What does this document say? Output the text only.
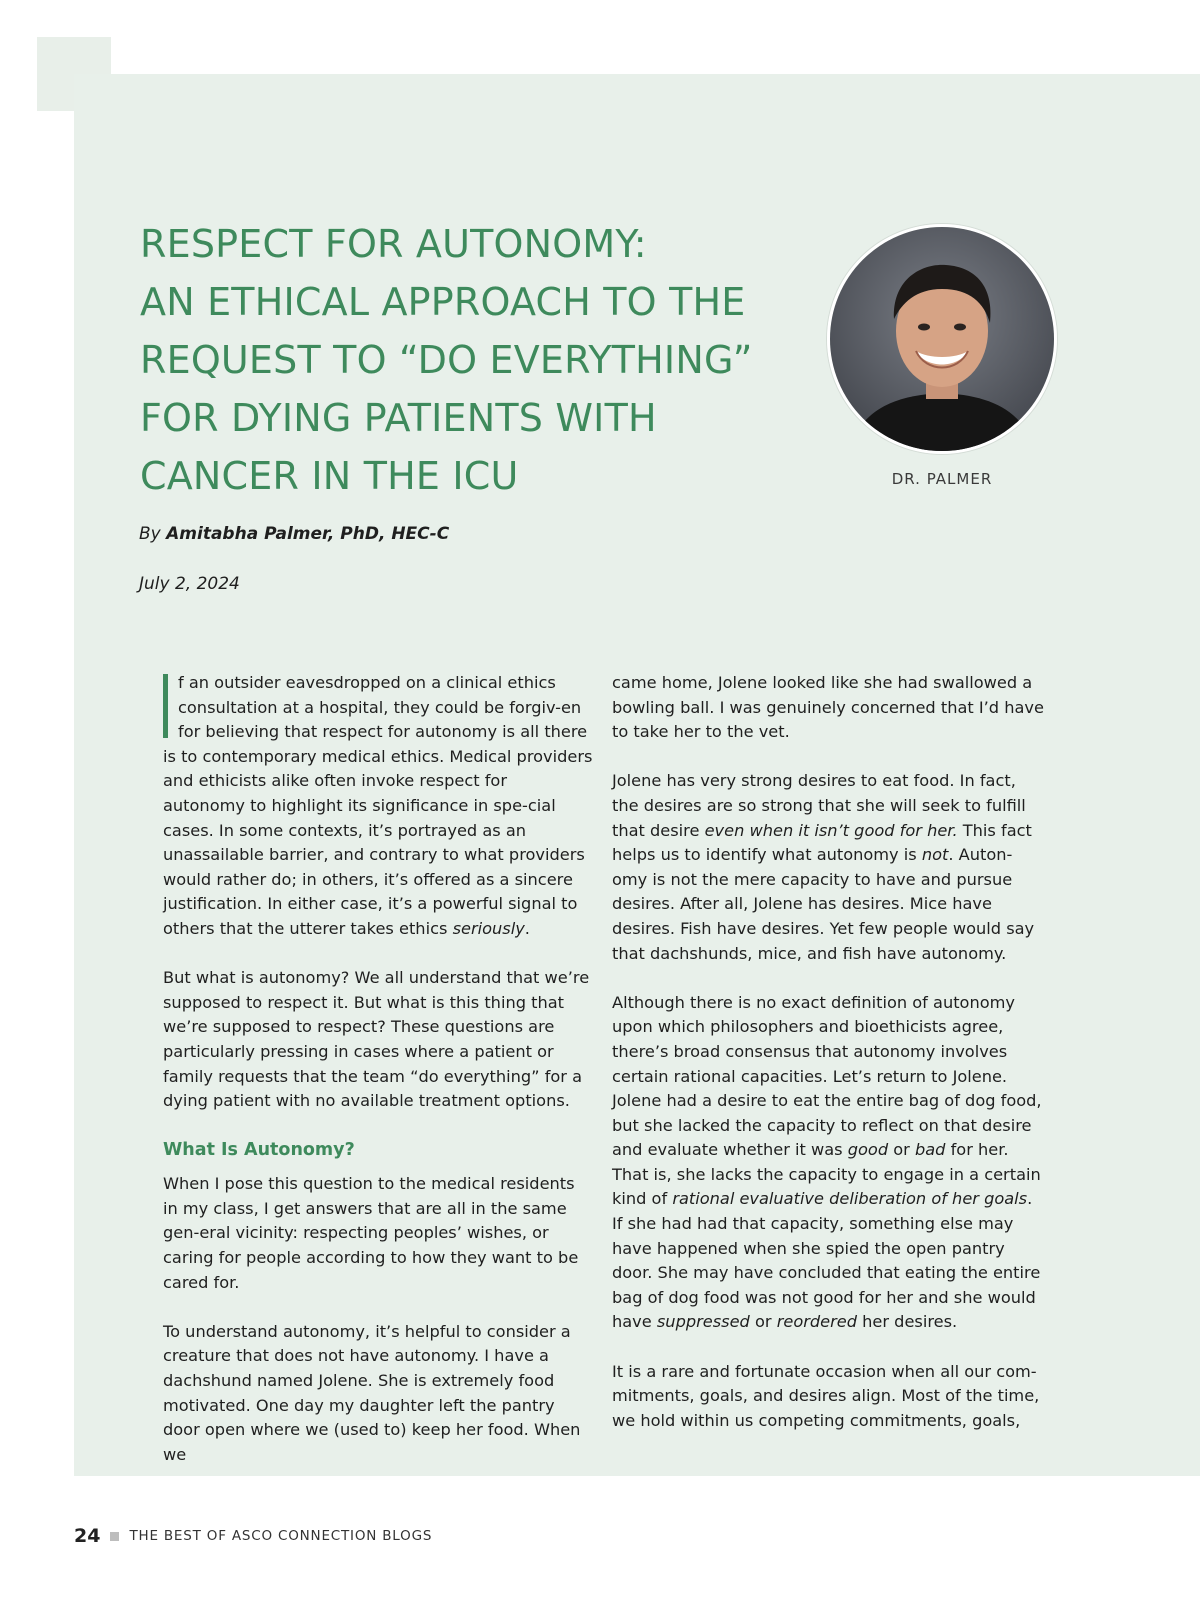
RESPECT FOR AUTONOMY:
AN ETHICAL APPROACH TO THE
REQUEST TO “DO EVERYTHING”
FOR DYING PATIENTS WITH
CANCER IN THE ICU	DR. PALMER
By Amitabha Palmer, PhD, HEC-C
July 2, 2024

f an outsider eavesdropped on a clinical ethics consultation at a hospital, they could be forgiv-en for believing that respect for autonomy is all there is to contemporary medical ethics. Medical providers and ethicists alike often invoke respect for autonomy to highlight its significance in spe-cial cases. In some contexts, it’s portrayed as an unassailable barrier, and contrary to what providers would rather do; in others, it’s offered as a sincere justification. In either case, it’s a powerful signal to others that the utterer takes ethics seriously.

But what is autonomy? We all understand that we’re supposed to respect it. But what is this thing that we’re supposed to respect? These questions are particularly pressing in cases where a patient or family requests that the team “do everything” for a dying patient with no available treatment options.

What Is Autonomy?

When I pose this question to the medical residents in my class, I get answers that are all in the same gen-eral vicinity: respecting peoples’ wishes, or caring for people according to how they want to be cared for.

To understand autonomy, it’s helpful to consider a creature that does not have autonomy. I have a dachshund named Jolene. She is extremely food motivated. One day my daughter left the pantry door open where we (used to) keep her food. When we

came home, Jolene looked like she had swallowed a bowling ball. I was genuinely concerned that I’d have to take her to the vet.

Jolene has very strong desires to eat food. In fact, the desires are so strong that she will seek to fulfill that desire even when it isn’t good for her. This fact helps us to identify what autonomy is not. Auton-omy is not the mere capacity to have and pursue desires. After all, Jolene has desires. Mice have desires. Fish have desires. Yet few people would say that dachshunds, mice, and fish have autonomy.

Although there is no exact definition of autonomy upon which philosophers and bioethicists agree, there’s broad consensus that autonomy involves certain rational capacities. Let’s return to Jolene. Jolene had a desire to eat the entire bag of dog food, but she lacked the capacity to reflect on that desire and evaluate whether it was good or bad for her. That is, she lacks the capacity to engage in a certain kind of rational evaluative deliberation of her goals. If she had had that capacity, something else may have happened when she spied the open pantry door. She may have concluded that eating the entire bag of dog food was not good for her and she would have suppressed or reordered her desires.

It is a rare and fortunate occasion when all our com-mitments, goals, and desires align. Most of the time, we hold within us competing commitments, goals,

24 THE BEST OF ASCO CONNECTION BLOGS
